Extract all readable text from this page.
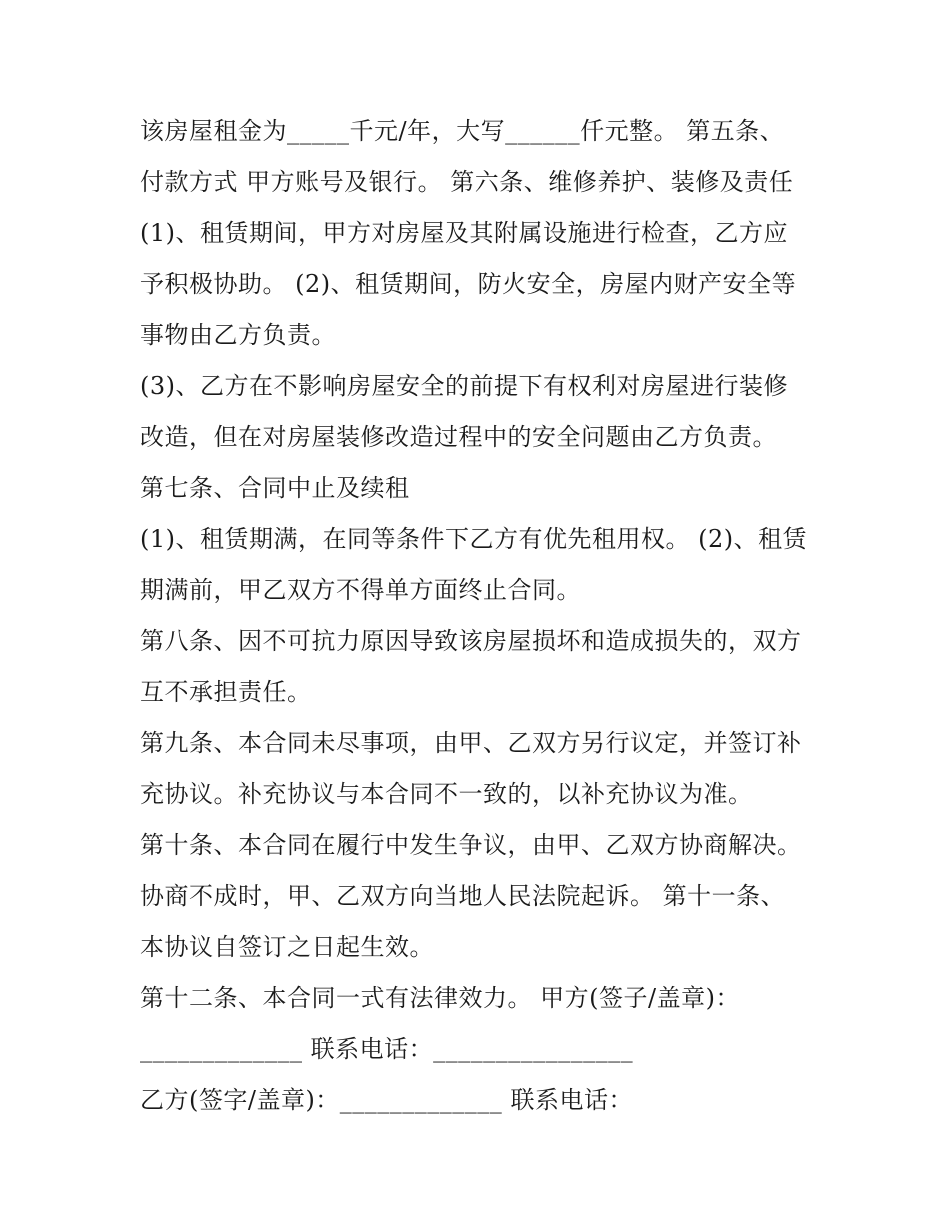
该房屋租金为_____千元/年，大写______仟元整。 第五条、
付款方式 甲方账号及银行。 第六条、维修养护、装修及责任
(1)、租赁期间，甲方对房屋及其附属设施进行检查，乙方应
予积极协助。 (2)、租赁期间，防火安全，房屋内财产安全等
事物由乙方负责。
(3)、乙方在不影响房屋安全的前提下有权利对房屋进行装修
改造，但在对房屋装修改造过程中的安全问题由乙方负责。
第七条、合同中止及续租
(1)、租赁期满，在同等条件下乙方有优先租用权。 (2)、租赁
期满前，甲乙双方不得单方面终止合同。
第八条、因不可抗力原因导致该房屋损坏和造成损失的，双方
互不承担责任。
第九条、本合同未尽事项，由甲、乙双方另行议定，并签订补
充协议。补充协议与本合同不一致的，以补充协议为准。
第十条、本合同在履行中发生争议，由甲、乙双方协商解决。
协商不成时，甲、乙双方向当地人民法院起诉。 第十一条、
本协议自签订之日起生效。
第十二条、本合同一式有法律效力。 甲方(签子/盖章)：
_____________ 联系电话：________________
乙方(签字/盖章)：_____________ 联系电话：
